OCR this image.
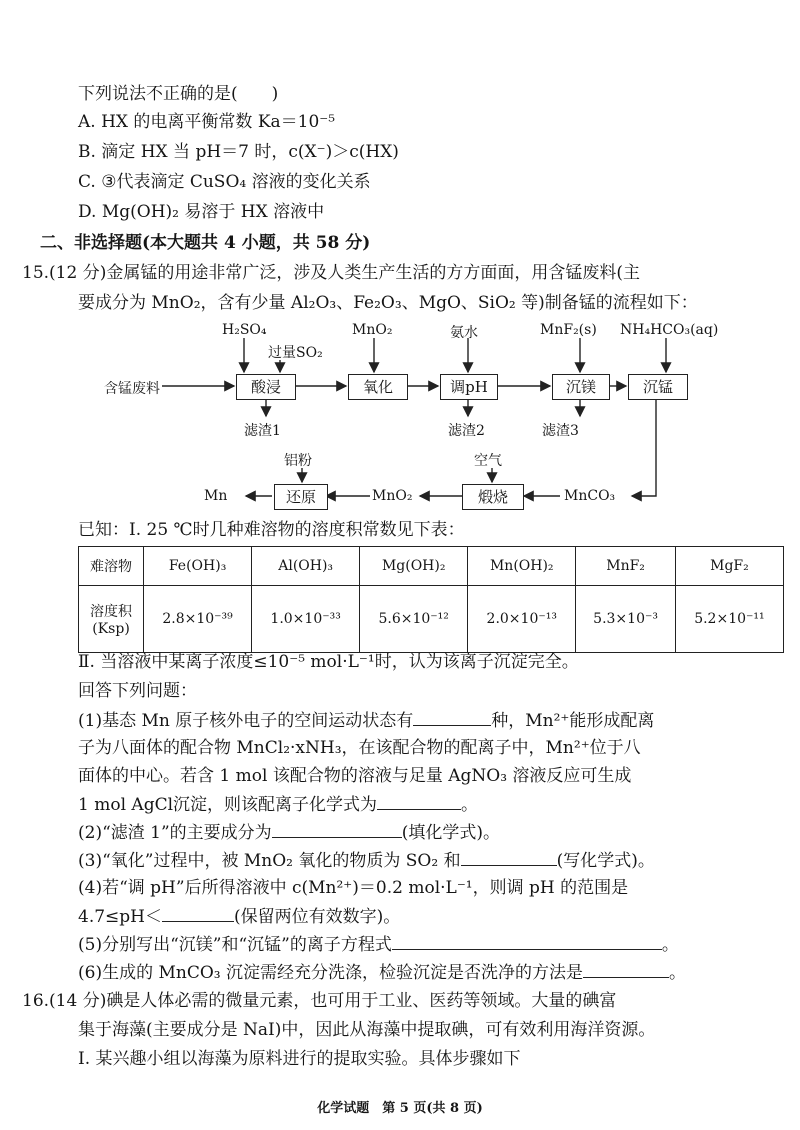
下列说法不正确的是(　　)
A. HX 的电离平衡常数 Ka＝10⁻⁵
B. 滴定 HX 当 pH＝7 时，c(X⁻)＞c(HX)
C. ③代表滴定 CuSO₄ 溶液的变化关系
D. Mg(OH)₂ 易溶于 HX 溶液中
二、非选择题(本大题共 4 小题，共 58 分)
15.(12 分)金属锰的用途非常广泛，涉及人类生产生活的方方面面，用含锰废料(主
要成分为 MnO₂，含有少量 Al₂O₃、Fe₂O₃、MgO、SiO₂ 等)制备锰的流程如下：
含锰废料	酸浸	氧化	调pH	沉镁	沉锰
H₂SO₄
过量SO₂
MnO₂	氨水	MnF₂(s) NH₄HCO₃(aq)
滤渣1	滤渣2	滤渣3
还原	煅烧
铝粉	空气
Mn	MnO₂	MnCO₃
已知：Ⅰ. 25 ℃时几种难溶物的溶度积常数见下表：
难溶物	Fe(OH)₃	Al(OH)₃	Mg(OH)₂	Mn(OH)₂	MnF₂	MgF₂

溶度积
(Ksp)	2.8×10⁻³⁹	1.0×10⁻³³	5.6×10⁻¹²	2.0×10⁻¹³	5.3×10⁻³	5.2×10⁻¹¹
Ⅱ. 当溶液中某离子浓度≤10⁻⁵ mol·L⁻¹时，认为该离子沉淀完全。
回答下列问题：
(1)基态 Mn 原子核外电子的空间运动状态有	种，Mn²⁺能形成配离
子为八面体的配合物 MnCl₂·xNH₃，在该配合物的配离子中，Mn²⁺位于八
面体的中心。若含 1 mol 该配合物的溶液与足量 AgNO₃ 溶液反应可生成
1 mol AgCl沉淀，则该配离子化学式为	。
(2)“滤渣 1”的主要成分为	(填化学式)。
(3)“氧化”过程中，被 MnO₂ 氧化的物质为 SO₂ 和	(写化学式)。
(4)若“调 pH”后所得溶液中 c(Mn²⁺)＝0.2 mol·L⁻¹，则调 pH 的范围是
4.7≤pH＜	(保留两位有效数字)。
(5)分别写出“沉镁”和“沉锰”的离子方程式	。
(6)生成的 MnCO₃ 沉淀需经充分洗涤，检验沉淀是否洗净的方法是	。
16.(14 分)碘是人体必需的微量元素，也可用于工业、医药等领域。大量的碘富
集于海藻(主要成分是 NaI)中，因此从海藻中提取碘，可有效利用海洋资源。
Ⅰ. 某兴趣小组以海藻为原料进行的提取实验。具体步骤如下
化学试题　第 5 页(共 8 页)
